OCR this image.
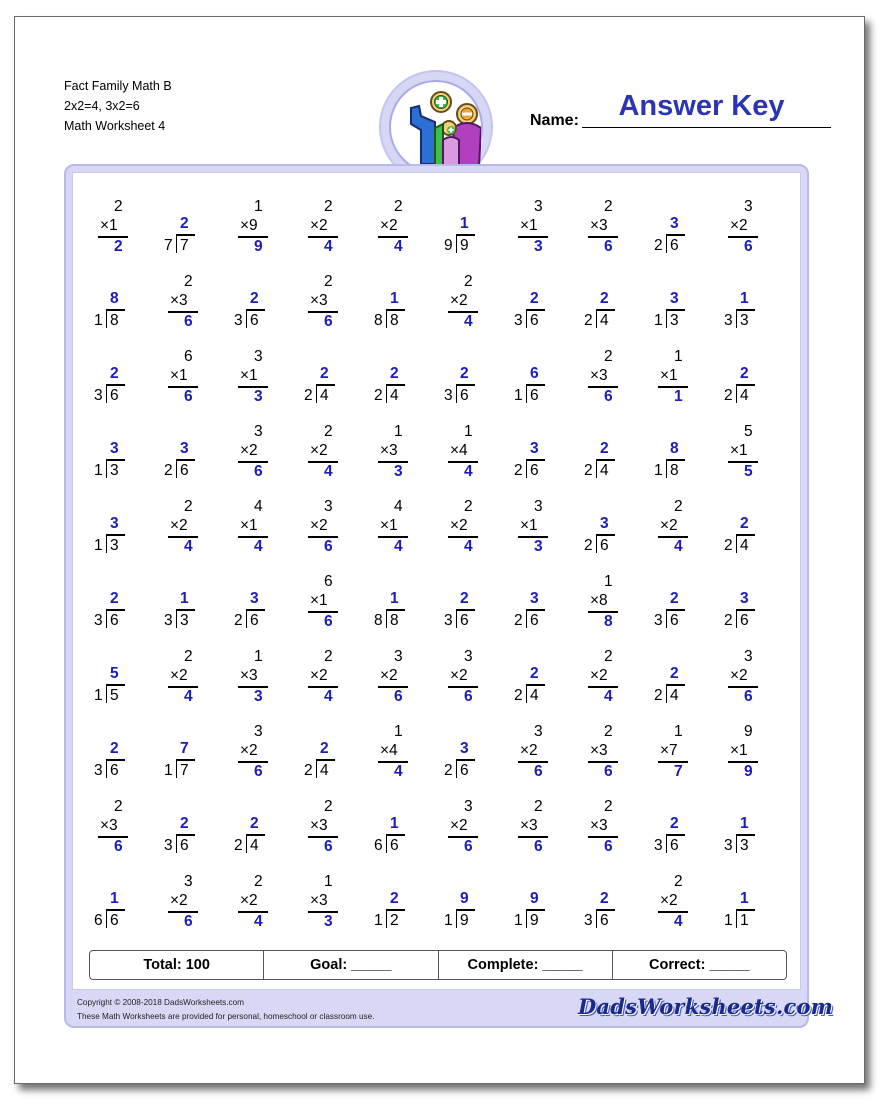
Fact Family Math B
2x2=4, 3x2=6
Math Worksheet 4	Name:	Answer Key
2
×1
2
2
7 7
1
×9
9
2
×2
4
2
×2
4
1
9 9
3
×1
3
2
×3
6
3
2 6
3
×2
6
8
1 8
2
×3
6
2
3 6
2
×3
6
1
8 8
2
×2
4
2
3 6
2
2 4
3
1 3
1
3 3
2
3 6
6
×1
6
3
×1
3
2
2 4
2
2 4
2
3 6
6
1 6
2
×3
6
1
×1
1
2
2 4
3
1 3
3
2 6
3
×2
6
2
×2
4
1
×3
3
1
×4
4
3
2 6
2
2 4
8
1 8
5
×1
5
3
1 3
2
×2
4
4
×1
4
3
×2
6
4
×1
4
2
×2
4
3
×1
3
3
2 6
2
×2
4
2
2 4
2
3 6
1
3 3
3
2 6
6
×1
6
1
8 8
2
3 6
3
2 6
1
×8
8
2
3 6
3
2 6
5
1 5
2
×2
4
1
×3
3
2
×2
4
3
×2
6
3
×2
6
2
2 4
2
×2
4
2
2 4
3
×2
6
2
3 6
7
1 7
3
×2
6
2
2 4
1
×4
4
3
2 6
3
×2
6
2
×3
6
1
×7
7
9
×1
9
2
×3
6
2
3 6
2
2 4
2
×3
6
1
6 6
3
×2
6
2
×3
6
2
×3
6
2
3 6
1
3 3
1
6 6
3
×2
6
2
×2
4
1
×3
3
2
1 2
9
1 9
9
1 9
2
3 6
2
×2
4
1
1 1
Total: 100	Goal: _____	Complete: _____	Correct: _____
Copyright © 2008-2018 DadsWorksheets.com
These Math Worksheets are provided for personal, homeschool or classroom use.	DadsWorksheets.com
